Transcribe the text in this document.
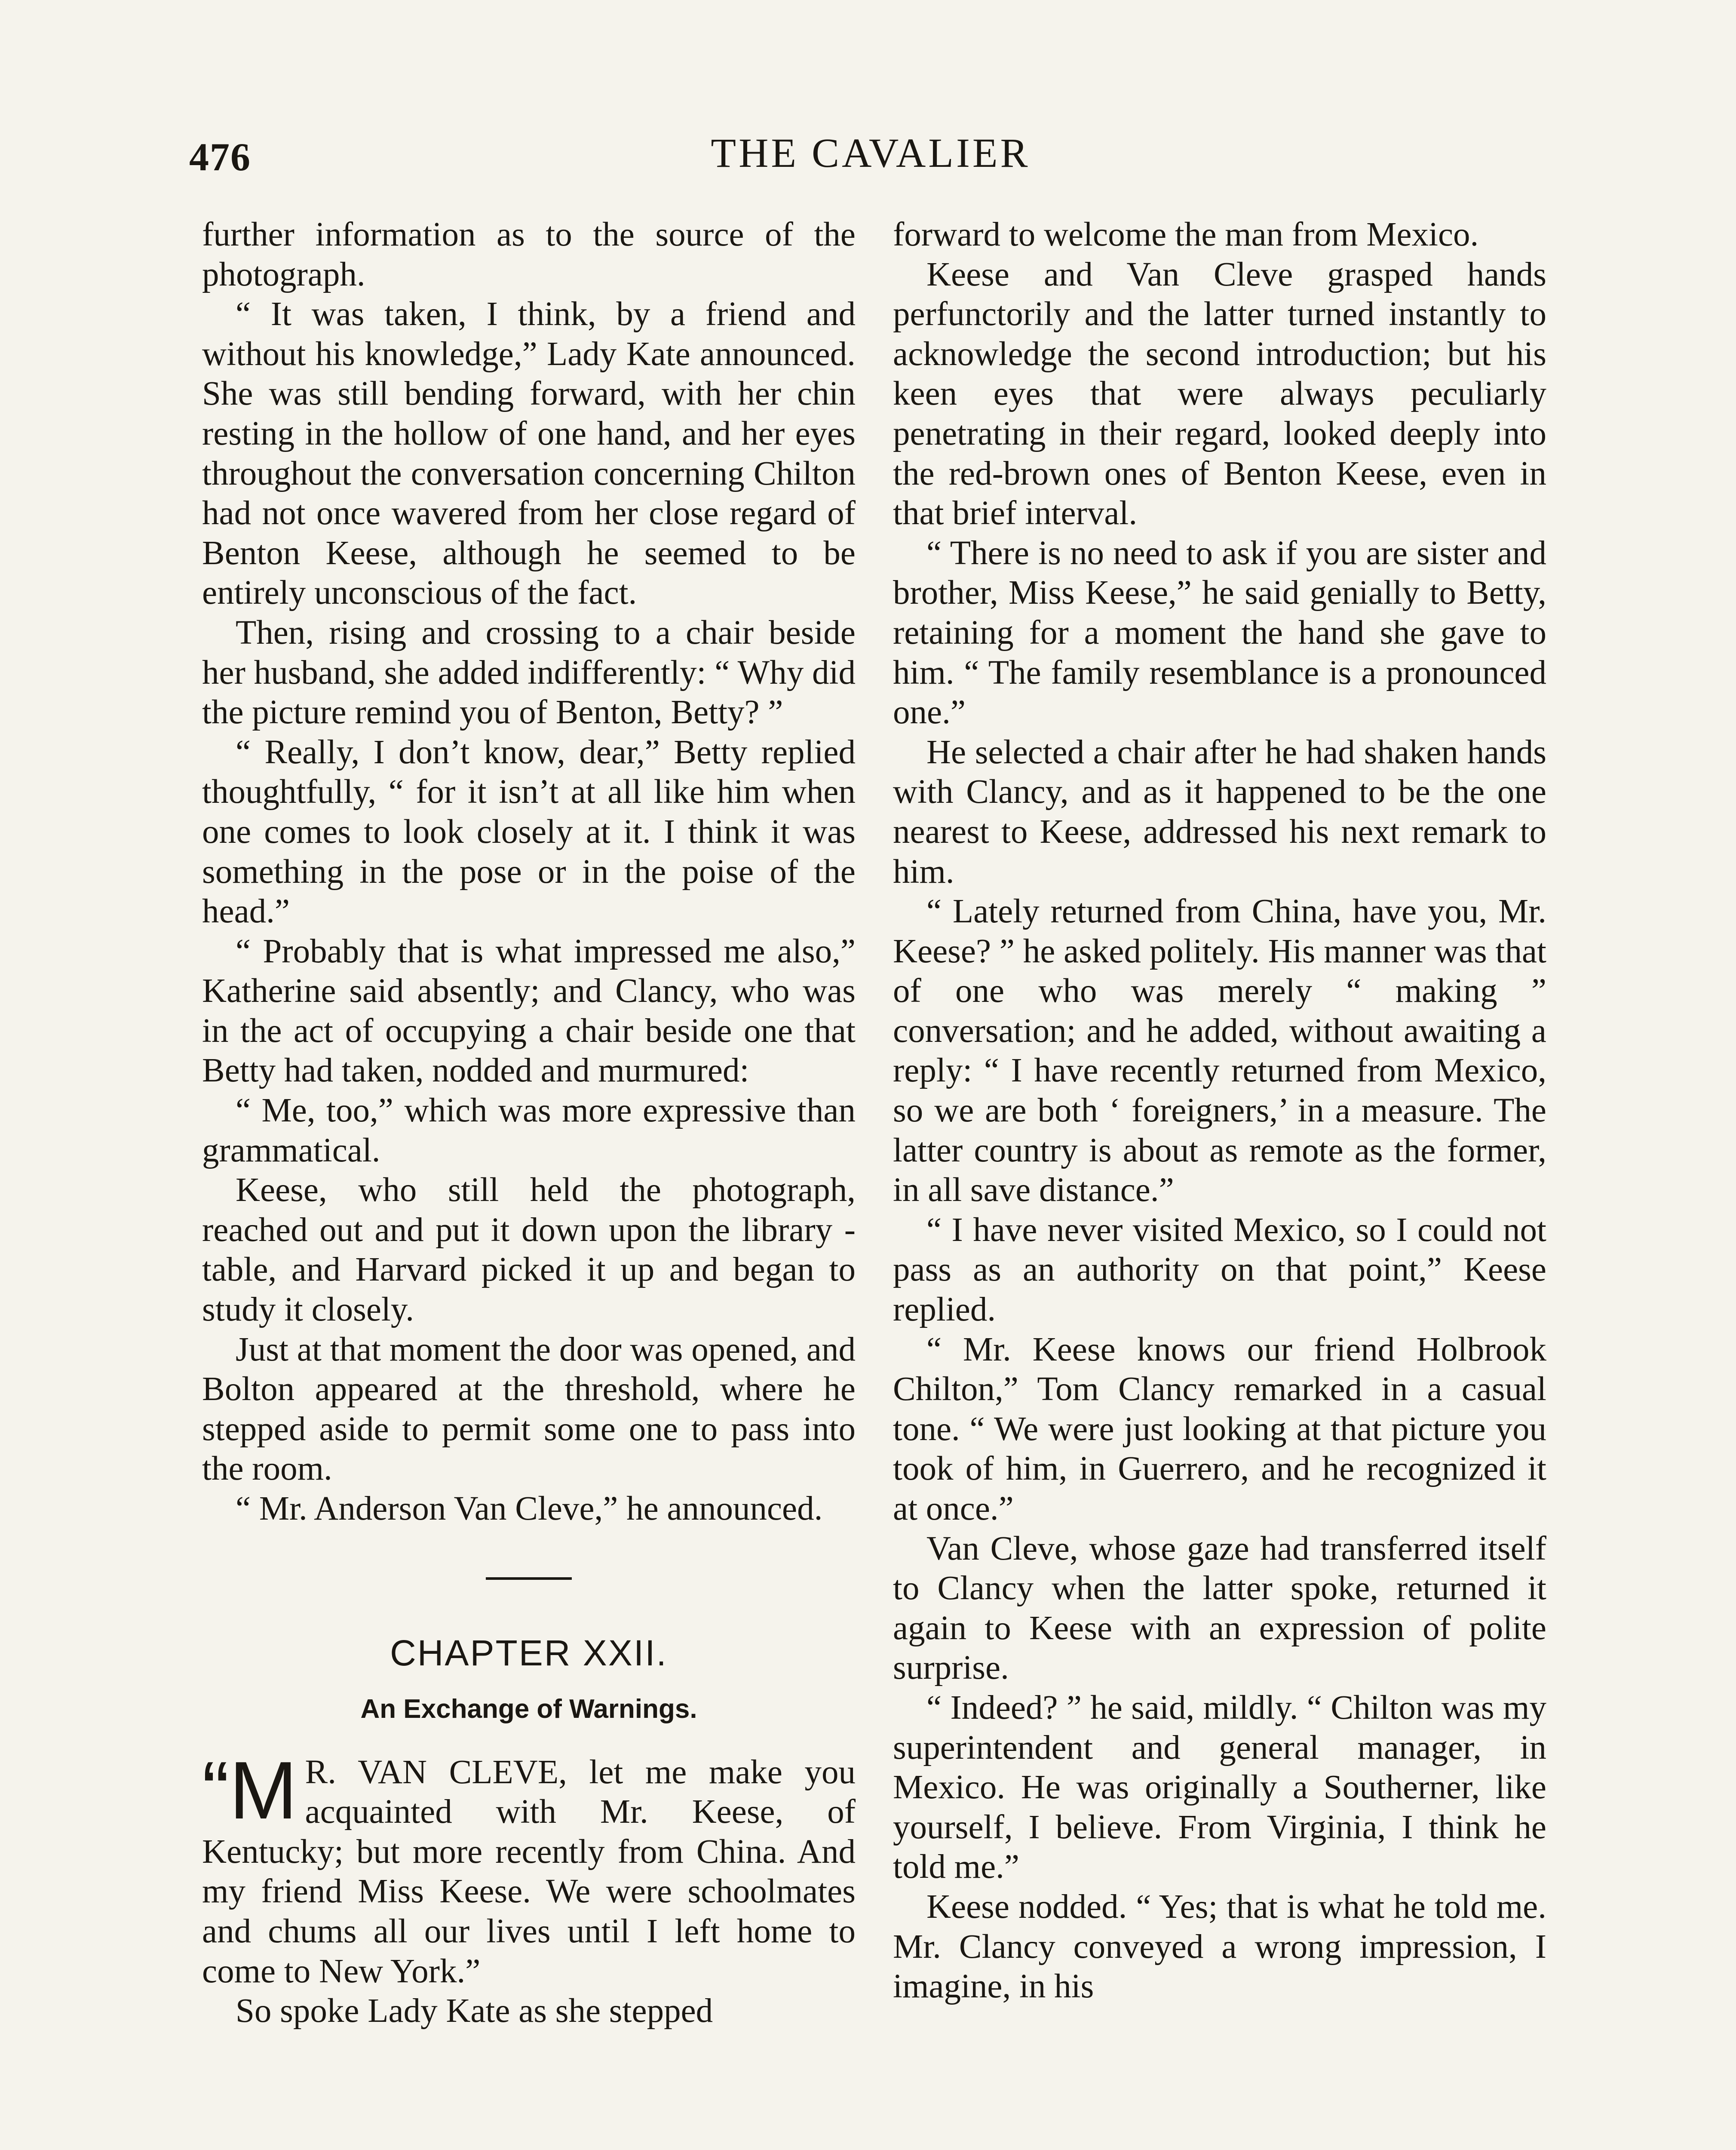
476	THE CAVALIER

further information as to the source of the photograph.

“ It was taken, I think, by a friend and without his knowledge,” Lady Kate announced. She was still bending forward, with her chin resting in the hollow of one hand, and her eyes throughout the conversation concerning Chilton had not once wavered from her close regard of Benton Keese, although he seemed to be entirely unconscious of the fact.

Then, rising and crossing to a chair beside her husband, she added indifferently: “ Why did the picture remind you of Benton, Betty? ”

“ Really, I don’t know, dear,” Betty replied thoughtfully, “ for it isn’t at all like him when one comes to look closely at it. I think it was something in the pose or in the poise of the head.”

“ Probably that is what impressed me also,” Katherine said absently; and Clancy, who was in the act of occupying a chair beside one that Betty had taken, nodded and murmured:

“ Me, too,” which was more expressive than grammatical.

Keese, who still held the photograph, reached out and put it down upon the library - table, and Harvard picked it up and began to study it closely.

Just at that moment the door was opened, and Bolton appeared at the threshold, where he stepped aside to permit some one to pass into the room.

“ Mr. Anderson Van Cleve,” he announced.

CHAPTER XXII.
An Exchange of Warnings.

“M R. VAN CLEVE, let me make you acquainted with Mr. Keese, of Kentucky; but more recently from China. And my friend Miss Keese. We were schoolmates and chums all our lives until I left home to come to New York.”

So spoke Lady Kate as she stepped

forward to welcome the man from Mexico.

Keese and Van Cleve grasped hands perfunctorily and the latter turned instantly to acknowledge the second introduction; but his keen eyes that were always peculiarly penetrating in their regard, looked deeply into the red-brown ones of Benton Keese, even in that brief interval.

“ There is no need to ask if you are sister and brother, Miss Keese,” he said genially to Betty, retaining for a moment the hand she gave to him. “ The family resemblance is a pronounced one.”

He selected a chair after he had shaken hands with Clancy, and as it happened to be the one nearest to Keese, addressed his next remark to him.

“ Lately returned from China, have you, Mr. Keese? ” he asked politely. His manner was that of one who was merely “ making ” conversation; and he added, without awaiting a reply: “ I have recently returned from Mexico, so we are both ‘ foreigners,’ in a measure. The latter country is about as remote as the former, in all save distance.”

“ I have never visited Mexico, so I could not pass as an authority on that point,” Keese replied.

“ Mr. Keese knows our friend Holbrook Chilton,” Tom Clancy remarked in a casual tone. “ We were just looking at that picture you took of him, in Guerrero, and he recognized it at once.”

Van Cleve, whose gaze had transferred itself to Clancy when the latter spoke, returned it again to Keese with an expression of polite surprise.

“ Indeed? ” he said, mildly. “ Chilton was my superintendent and general manager, in Mexico. He was originally a Southerner, like yourself, I believe. From Virginia, I think he told me.”

Keese nodded. “ Yes; that is what he told me. Mr. Clancy conveyed a wrong impression, I imagine, in his
